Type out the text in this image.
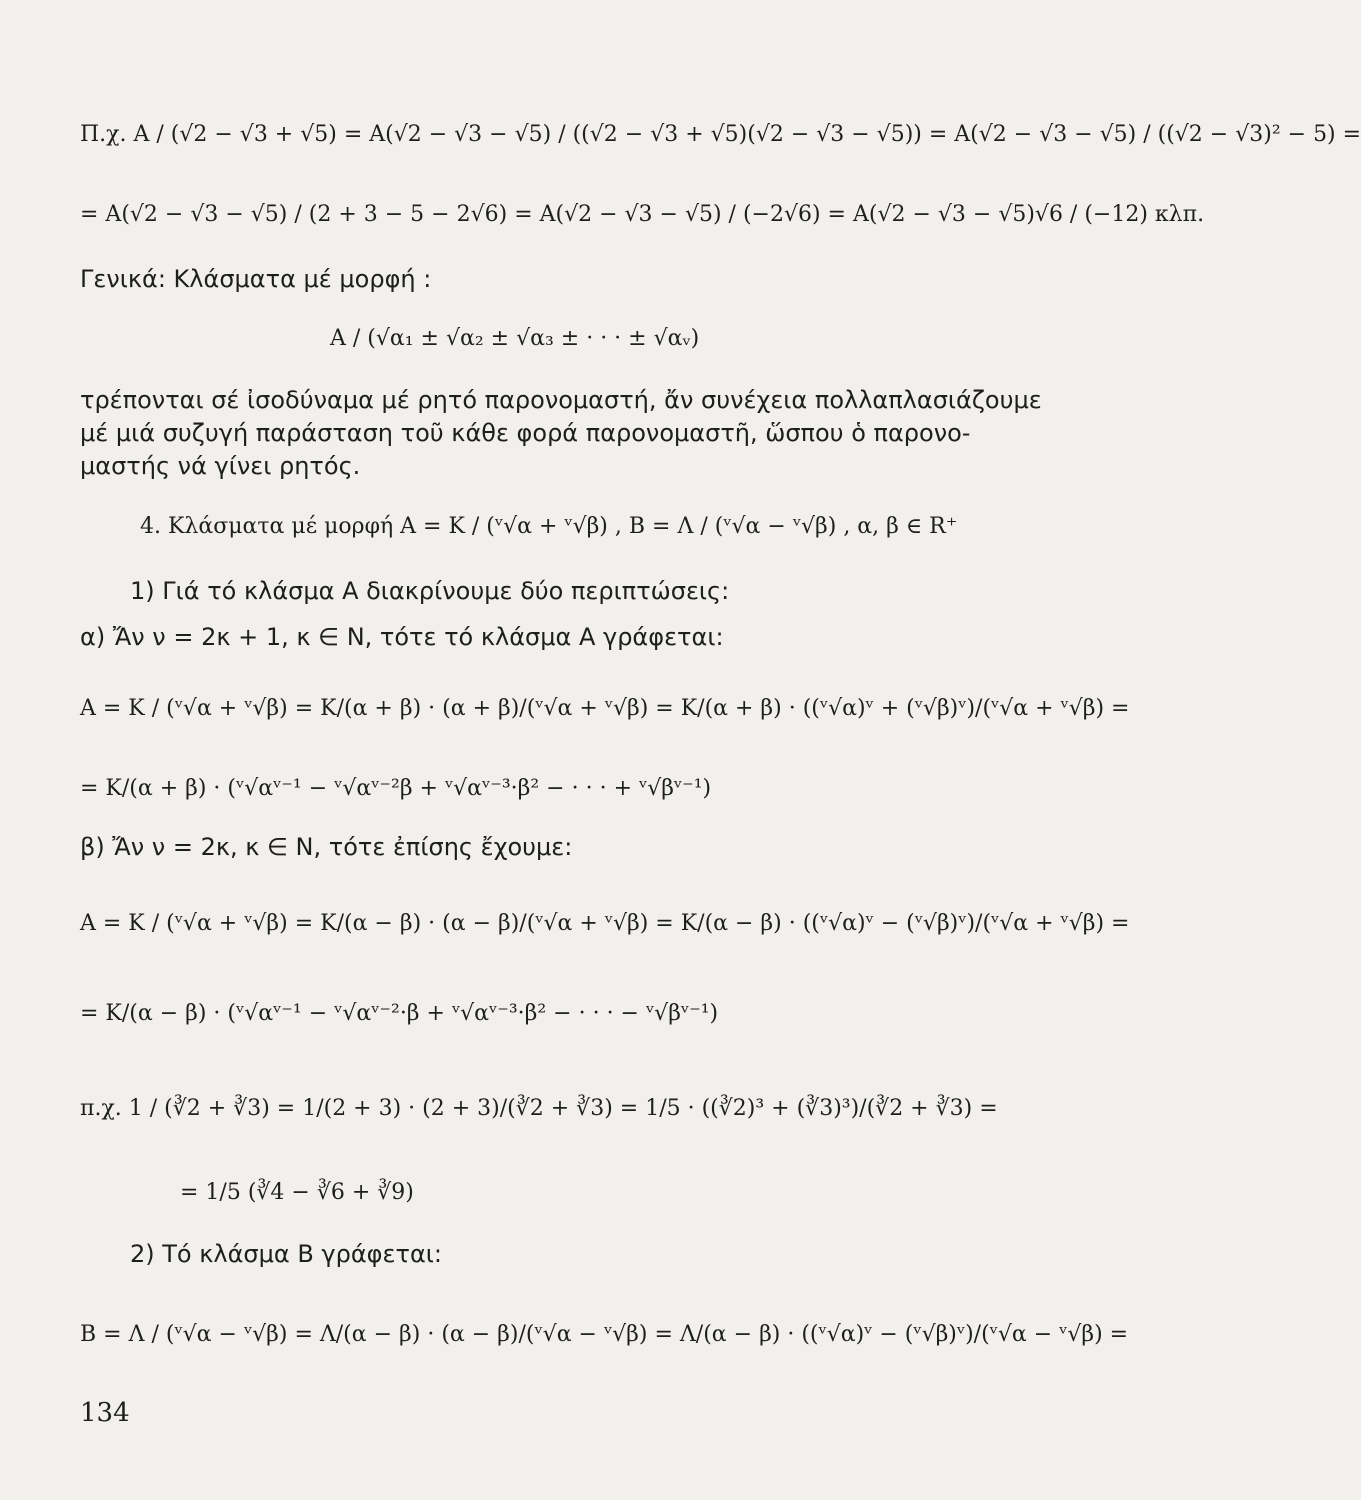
Π.χ. A / (√2 − √3 + √5) = A(√2 − √3 − √5) / ((√2 − √3 + √5)(√2 − √3 − √5)) = A(√2 − √3 − √5) / ((√2 − √3)² − 5) =
= A(√2 − √3 − √5) / (2 + 3 − 5 − 2√6) = A(√2 − √3 − √5) / (−2√6) = A(√2 − √3 − √5)√6 / (−12) κλπ.
Γενικά: Κλάσματα μέ μορφή :
A / (√α₁ ± √α₂ ± √α₃ ± · · · ± √αᵥ)
τρέπονται σέ ἰσοδύναμα μέ ρητό παρονομαστή, ἄν συνέχεια πολλαπλασιάζουμε
μέ μιά συζυγή παράσταση τοῦ κάθε φορά παρονομαστῆ, ὥσπου ὁ παρονο-
μαστής νά γίνει ρητός.
4. Κλάσματα μέ μορφή A = K / (ᵛ√α + ᵛ√β) , B = Λ / (ᵛ√α − ᵛ√β) , α, β ∈ R⁺
1) Γιά τό κλάσμα A διακρίνουμε δύο περιπτώσεις:
α) Ἄν ν = 2κ + 1, κ ∈ N, τότε τό κλάσμα A γράφεται:
A = K / (ᵛ√α + ᵛ√β) = K/(α + β) · (α + β)/(ᵛ√α + ᵛ√β) = K/(α + β) · ((ᵛ√α)ᵛ + (ᵛ√β)ᵛ)/(ᵛ√α + ᵛ√β) =
= K/(α + β) · (ᵛ√αᵛ⁻¹ − ᵛ√αᵛ⁻²β + ᵛ√αᵛ⁻³·β² − · · · + ᵛ√βᵛ⁻¹)
β) Ἄν ν = 2κ, κ ∈ N, τότε ἐπίσης ἔχουμε:
A = K / (ᵛ√α + ᵛ√β) = K/(α − β) · (α − β)/(ᵛ√α + ᵛ√β) = K/(α − β) · ((ᵛ√α)ᵛ − (ᵛ√β)ᵛ)/(ᵛ√α + ᵛ√β) =
= K/(α − β) · (ᵛ√αᵛ⁻¹ − ᵛ√αᵛ⁻²·β + ᵛ√αᵛ⁻³·β² − · · · − ᵛ√βᵛ⁻¹)
π.χ. 1 / (∛2 + ∛3) = 1/(2 + 3) · (2 + 3)/(∛2 + ∛3) = 1/5 · ((∛2)³ + (∛3)³)/(∛2 + ∛3) =
= 1/5 (∛4 − ∛6 + ∛9)
2) Τό κλάσμα B γράφεται:
B = Λ / (ᵛ√α − ᵛ√β) = Λ/(α − β) · (α − β)/(ᵛ√α − ᵛ√β) = Λ/(α − β) · ((ᵛ√α)ᵛ − (ᵛ√β)ᵛ)/(ᵛ√α − ᵛ√β) =
134
